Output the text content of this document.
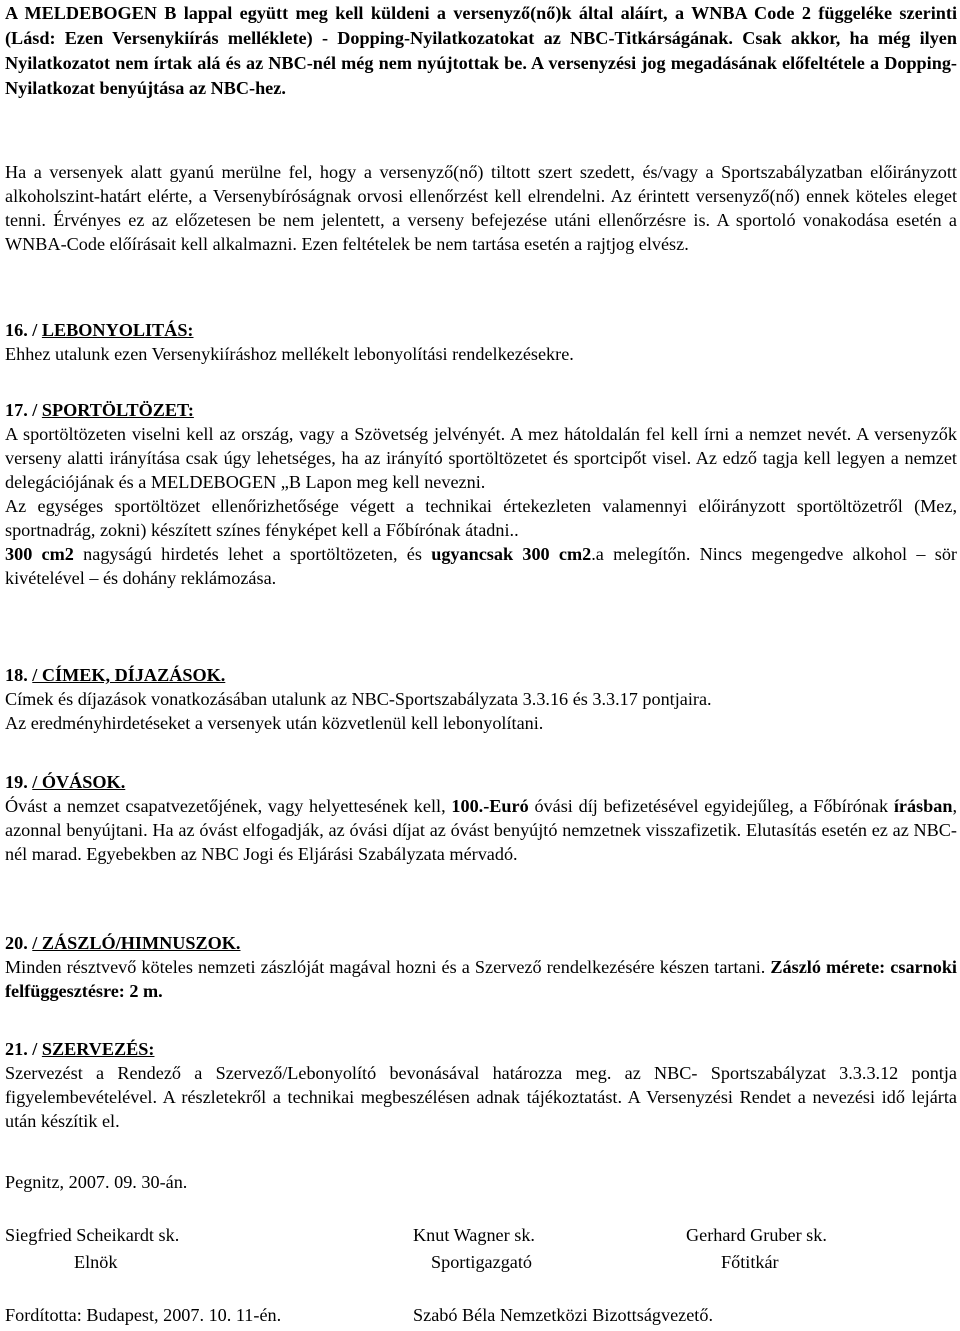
A MELDEBOGEN B lappal együtt meg kell küldeni a versenyző(nő)k által aláírt, a WNBA Code 2 függeléke szerinti (Lásd: Ezen Versenykiírás melléklete) - Dopping-Nyilatkozatokat az NBC-Titkárságának. Csak akkor, ha még ilyen Nyilatkozatot nem írtak alá és az NBC-nél még nem nyújtottak be. A versenyzési jog megadásának előfeltétele a Dopping-Nyilatkozat benyújtása az NBC-hez.

Ha a versenyek alatt gyanú merülne fel, hogy a versenyző(nő) tiltott szert szedett, és/vagy a Sportszabályzatban előirányzott alkoholszint-határt elérte, a Versenybíróságnak orvosi ellenőrzést kell elrendelni. Az érintett versenyző(nő) ennek köteles eleget tenni. Érvényes ez az előzetesen be nem jelentett, a verseny befejezése utáni ellenőrzésre is. A sportoló vonakodása esetén a WNBA-Code előírásait kell alkalmazni. Ezen feltételek be nem tartása esetén a rajtjog elvész.

16. / LEBONYOLITÁS:

Ehhez utalunk ezen Versenykiíráshoz mellékelt lebonyolítási rendelkezésekre.

17. / SPORTÖLTÖZET:

A sportöltözeten viselni kell az ország, vagy a Szövetség jelvényét. A mez hátoldalán fel kell írni a nemzet nevét. A versenyzők verseny alatti irányítása csak úgy lehetséges, ha az irányító sportöltözetet és sportcipőt visel. Az edző tagja kell legyen a nemzet delegációjának és a MELDEBOGEN „B Lapon meg kell nevezni.

Az egységes sportöltözet ellenőrizhetősége végett a technikai értekezleten valamennyi előirányzott sportöltözetről (Mez, sportnadrág, zokni) készített színes fényképet kell a Főbírónak átadni..

300 cm2 nagyságú hirdetés lehet a sportöltözeten, és ugyancsak 300 cm2.a melegítőn. Nincs megengedve alkohol – sör kivételével – és dohány reklámozása.

18. / CÍMEK, DÍJAZÁSOK.

Címek és díjazások vonatkozásában utalunk az NBC-Sportszabályzata 3.3.16 és 3.3.17 pontjaira.

Az eredményhirdetéseket a versenyek után közvetlenül kell lebonyolítani.

19. / ÓVÁSOK.

Óvást a nemzet csapatvezetőjének, vagy helyettesének kell, 100.-Euró óvási díj befizetésével egyidejűleg, a Főbírónak írásban, azonnal benyújtani. Ha az óvást elfogadják, az óvási díjat az óvást benyújtó nemzetnek visszafizetik. Elutasítás esetén ez az NBC-nél marad. Egyebekben az NBC Jogi és Eljárási Szabályzata mérvadó.

20. / ZÁSZLÓ/HIMNUSZOK.

Minden résztvevő köteles nemzeti zászlóját magával hozni és a Szervező rendelkezésére készen tartani. Zászló mérete: csarnoki felfüggesztésre: 2 m.

21. / SZERVEZÉS:

Szervezést a Rendező a Szervező/Lebonyolító bevonásával határozza meg. az NBC- Sportszabályzat 3.3.3.12 pontja figyelembevételével. A részletekről a technikai megbeszélésen adnak tájékoztatást. A Versenyzési Rendet a nevezési idő lejárta után készítik el.

Pegnitz, 2007. 09. 30-án.

Siegfried Scheikardt sk.	Knut Wagner sk.	Gerhard Gruber sk.
Elnök	Sportigazgató	Főtitkár
Fordította: Budapest, 2007. 10. 11-én.	Szabó Béla Nemzetközi Bizottságvezető.
